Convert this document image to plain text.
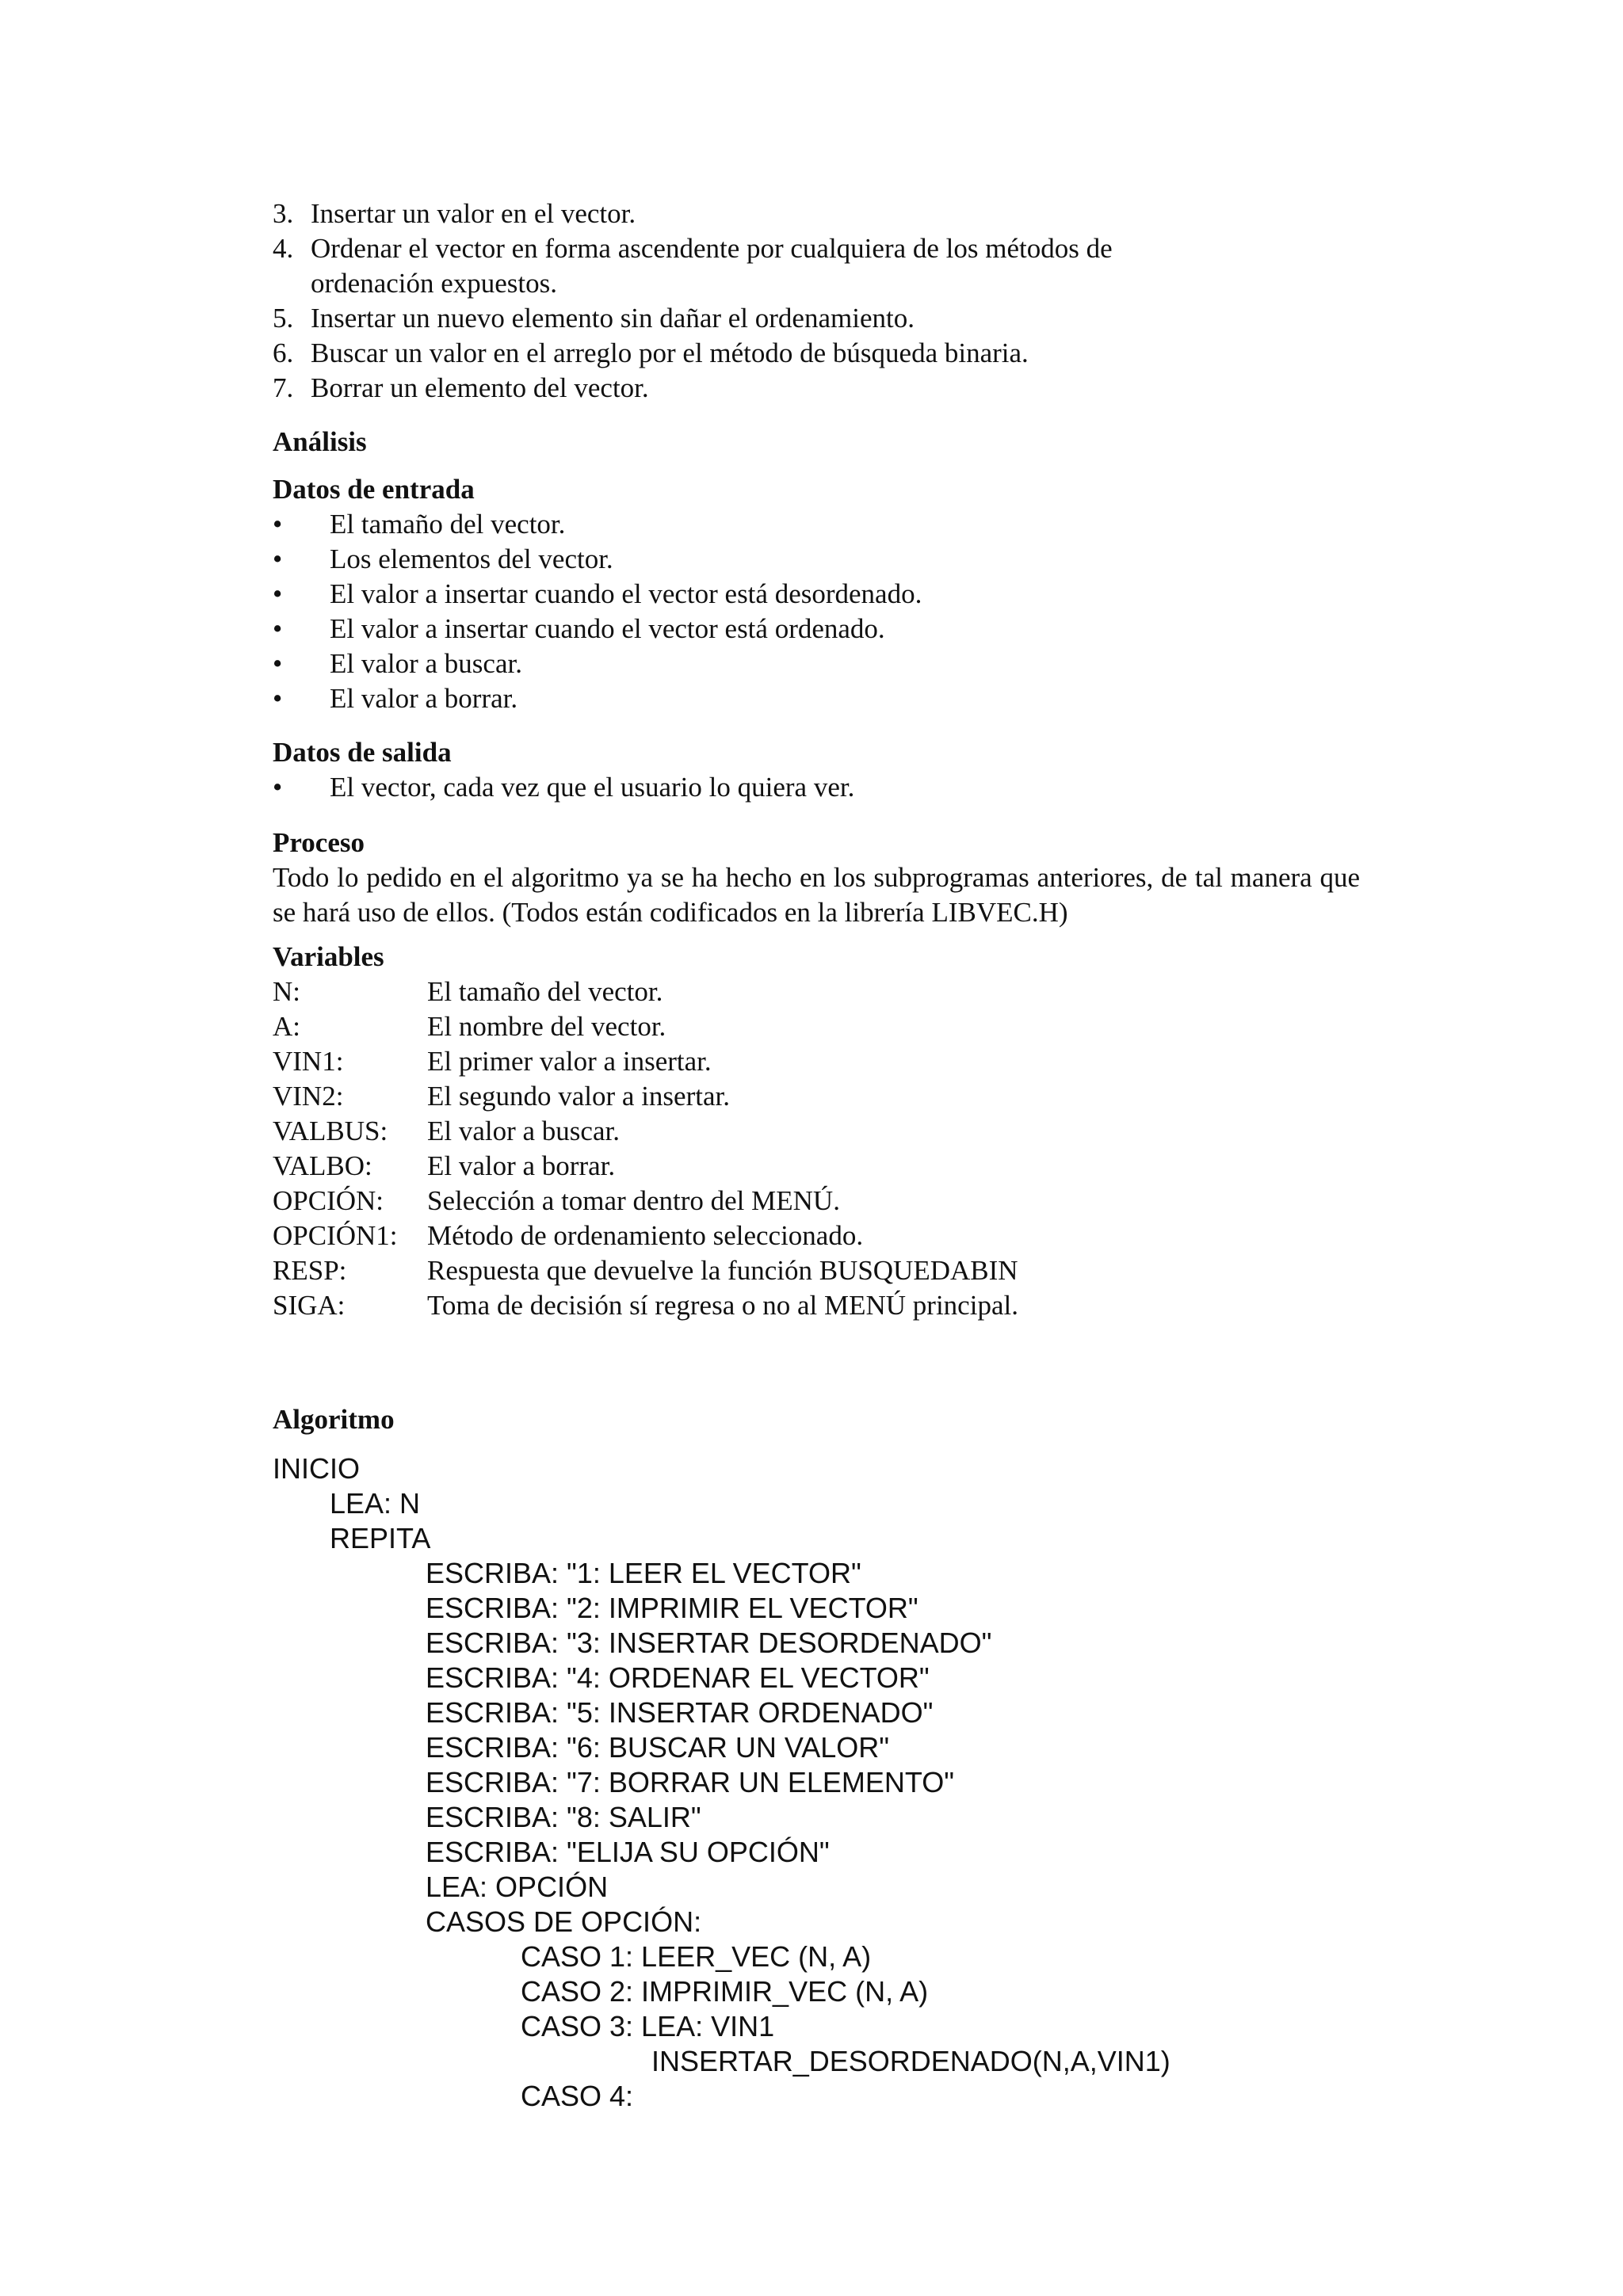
3. Insertar un valor en el vector.
4. Ordenar el vector en forma ascendente por cualquiera de los métodos de
ordenación expuestos.
5. Insertar un nuevo elemento sin dañar el ordenamiento.
6. Buscar un valor en el arreglo por el método de búsqueda binaria.
7. Borrar un elemento del vector.
Análisis
Datos de entrada
•	El tamaño del vector.
•	Los elementos del vector.
•	El valor a insertar cuando el vector está desordenado.
•	El valor a insertar cuando el vector está ordenado.
•	El valor a buscar.
•	El valor a borrar.
Datos de salida
•	El vector, cada vez que el usuario lo quiera ver.
Proceso
Todo lo pedido en el algoritmo ya se ha hecho en los subprogramas anteriores, de tal manera que se hará uso de ellos. (Todos están codificados en la librería LIBVEC.H)
Variables
N:	El tamaño del vector.
A:	El nombre del vector.
VIN1:	El primer valor a insertar.
VIN2:	El segundo valor a insertar.
VALBUS:	El valor a buscar.
VALBO:	El valor a borrar.
OPCIÓN:	Selección a tomar dentro del MENÚ.
OPCIÓN1:	Método de ordenamiento seleccionado.
RESP:	Respuesta que devuelve la función BUSQUEDABIN
SIGA:	Toma de decisión sí regresa o no al MENÚ principal.
Algoritmo
INICIO
LEA: N
REPITA
ESCRIBA: "1: LEER EL VECTOR"
ESCRIBA: "2: IMPRIMIR EL VECTOR"
ESCRIBA: "3: INSERTAR DESORDENADO"
ESCRIBA: "4: ORDENAR EL VECTOR"
ESCRIBA: "5: INSERTAR ORDENADO"
ESCRIBA: "6: BUSCAR UN VALOR"
ESCRIBA: "7: BORRAR UN ELEMENTO"
ESCRIBA: "8: SALIR"
ESCRIBA: "ELIJA SU OPCIÓN"
LEA: OPCIÓN
CASOS DE OPCIÓN:
CASO 1: LEER_VEC (N, A)
CASO 2: IMPRIMIR_VEC (N, A)
CASO 3: LEA: VIN1
INSERTAR_DESORDENADO(N,A,VIN1)
CASO 4:
